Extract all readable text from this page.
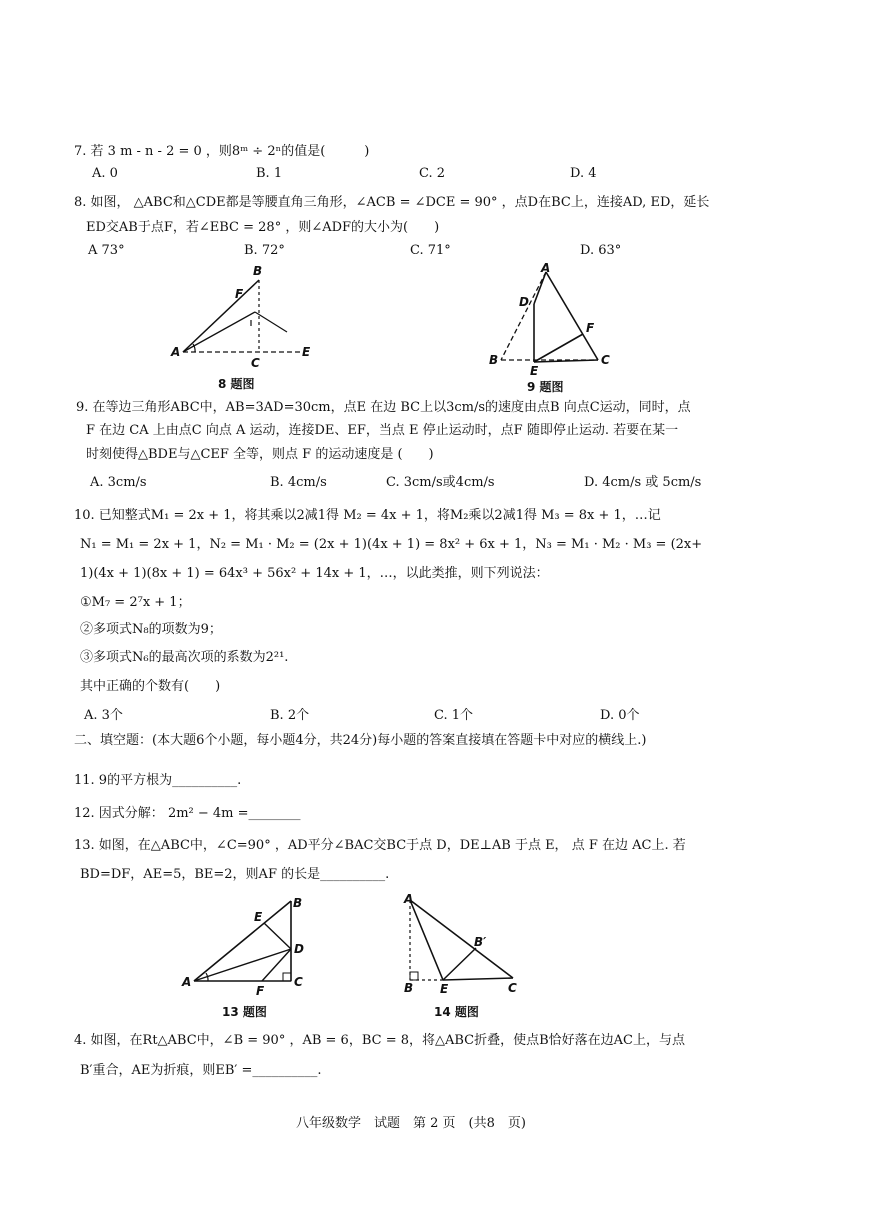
7. 若 3 m - n - 2 = 0 ，则8ᵐ ÷ 2ⁿ的值是(　　　)
A. 0	B. 1	C. 2	D. 4
8. 如图， △ABC和△CDE都是等腰直角三角形，∠ACB = ∠DCE = 90° ，点D在BC上，连接AD, ED，延长
ED交AB于点F，若∠EBC = 28° ，则∠ADF的大小为(　　)
A 73°	B. 72°	C. 71°	D. 63°
B
F
A
C
E
8 题图
A
D
F
B
E
C
9 题图
9. 在等边三角形ABC中，AB=3AD=30cm，点E 在边 BC上以3cm/s的速度由点B 向点C运动，同时，点
F 在边 CA 上由点C 向点 A 运动，连接DE、EF，当点 E 停止运动时，点F 随即停止运动. 若要在某一
时刻使得△BDE与△CEF 全等，则点 F 的运动速度是 (　　)
A. 3cm/s	B. 4cm/s	C. 3cm/s或4cm/s	D. 4cm/s 或 5cm/s
10. 已知整式M₁ = 2x + 1，将其乘以2减1得 M₂ = 4x + 1，将M₂乘以2减1得 M₃ = 8x + 1，…记
N₁ = M₁ = 2x + 1，N₂ = M₁ · M₂ = (2x + 1)(4x + 1) = 8x² + 6x + 1，N₃ = M₁ · M₂ · M₃ = (2x+
1)(4x + 1)(8x + 1) = 64x³ + 56x² + 14x + 1，…，以此类推，则下列说法：
①M₇ = 2⁷x + 1；
②多项式N₈的项数为9；
③多项式N₆的最高次项的系数为2²¹.
其中正确的个数有(　　)
A. 3个	B. 2个	C. 1个	D. 0个
二、填空题：(本大题6个小题，每小题4分，共24分)每小题的答案直接填在答题卡中对应的横线上.)
11. 9的平方根为__________.
12. 因式分解： 2m² − 4m =________
13. 如图，在△ABC中，∠C=90° ，AD平分∠BAC交BC于点 D，DE⊥AB 于点 E， 点 F 在边 AC上. 若
BD=DF，AE=5，BE=2，则AF 的长是__________.
E
B
D
A
F
C
13 题图
A
B′
B E	C
14 题图
4. 如图，在Rt△ABC中，∠B = 90° ，AB = 6，BC = 8，将△ABC折叠，使点B恰好落在边AC上，与点
B′重合，AE为折痕，则EB′ =__________.
八年级数学　试题　第 2 页　(共8　页)
